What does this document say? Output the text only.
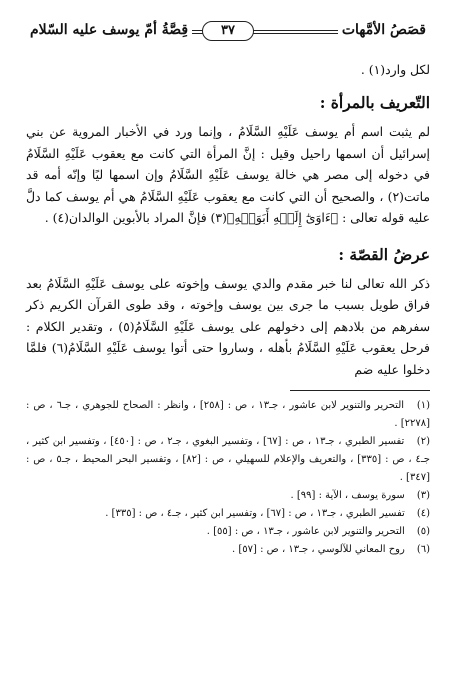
قصَصُ الأمَّهات
٣٧
قِصَّةُ أمّ يوسف عليه السّلام

لكل وارد(١) .

التّعريف بالمرأة :

لم يثبت اسم أم يوسف عَلَيْهِ السَّلَامُ ، وإنما ورد في الأخبار المروية عن بني إسرائيل أن اسمها راحيل وقيل : إنَّ المرأة التي كانت مع يعقوب عَلَيْهِ السَّلَامُ في دخوله إلى مصر هي خالة يوسف عَلَيْهِ السَّلَامُ وإن اسمها ليًا وإنّه أمه قد ماتت(٢) ، والصحيح أن التي كانت مع يعقوب عَلَيْهِ السَّلَامُ هي أم يوسف كما دلَّ عليه قوله تعالى : ﴿ءَاوَىٰٓ إِلَيۡهِ أَبَوَيۡهِ﴾(٣) فإنَّ المراد بالأبوين الوالدان(٤) .

عرضُ القصّة :

ذكر الله تعالى لنا خبر مقدم والدي يوسف وإخوته على يوسف عَلَيْهِ السَّلَامُ بعد فراق طويل بسبب ما جرى بين يوسف وإخوته ، وقد طوى القرآن الكريم ذكر سفرهم من بلادهم إلى دخولهم على يوسف عَلَيْهِ السَّلَامُ(٥) ، وتقدير الكلام : فرحل يعقوب عَلَيْهِ السَّلَامُ بأهله ، وساروا حتى أتوا يوسف عَلَيْهِ السَّلَامُ(٦) فلمَّا دخلوا عليه ضم

(١) التحرير والتنوير لابن عاشور ، جـ١٣ ، ص : [٢٥٨] ، وانظر : الصحاح للجوهري ، جـ٦ ، ص : [٢٢٧٨] .

(٢) تفسير الطبري ، جـ١٣ ، ص : [٦٧] ، وتفسير البغوي ، جـ٢ ، ص : [٤٥٠] ، وتفسير ابن كثير ، جـ٤ ، ص : [٣٣٥] ، والتعريف والإعلام للسهيلي ، ص : [٨٢] ، وتفسير البحر المحيط ، جـ٥ ، ص : [٣٤٧] .

(٣) سورة يوسف ، الآية : [٩٩] .

(٤) تفسير الطبري ، جـ١٣ ، ص : [٦٧] ، وتفسير ابن كثير ، جـ٤ ، ص : [٣٣٥] .

(٥) التحرير والتنوير لابن عاشور ، جـ١٣ ، ص : [٥٥] .

(٦) روح المعاني للآلوسي ، جـ١٣ ، ص : [٥٧] .
